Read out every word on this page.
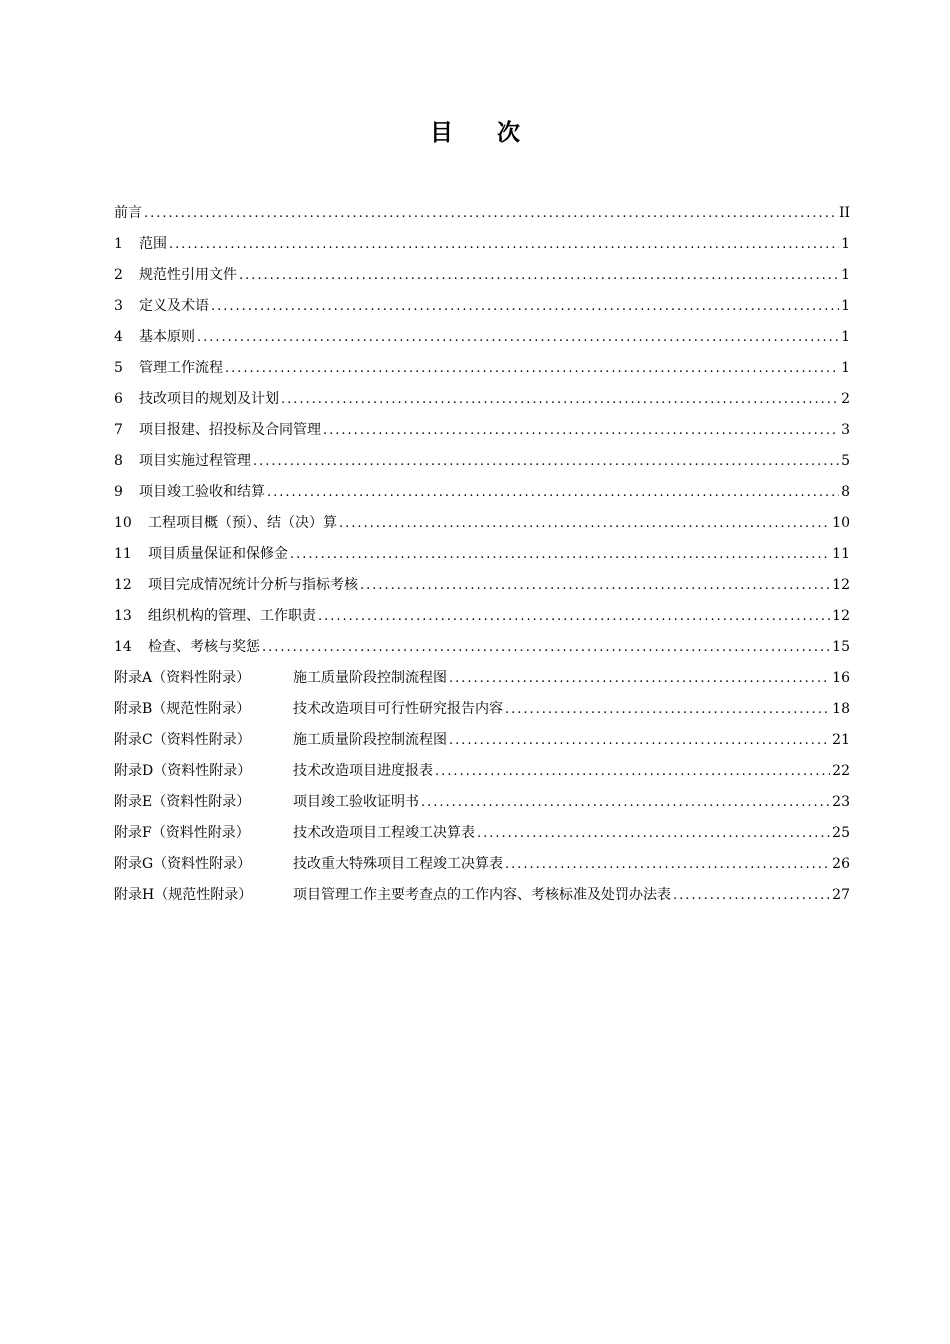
目 次
前言 .....	II
1	范围 .....	1
2	规范性引用文件 .....	1
3	定义及术语 .....	1
4	基本原则 .....	1
5	管理工作流程 .....	1
6	技改项目的规划及计划 .....	2
7	项目报建、招投标及合同管理 .....	3
8	项目实施过程管理 .....	5
9	项目竣工验收和结算 .....	8
10	工程项目概（预）、结（决）算 .....	10
11	项目质量保证和保修金 .....	11
12	项目完成情况统计分析与指标考核 .....	12
13	组织机构的管理、工作职责 .....	12
14	检查、考核与奖惩 .....	15
附录A（资料性附录）	施工质量阶段控制流程图 .....	16
附录B（规范性附录）	技术改造项目可行性研究报告内容 .....	18
附录C（资料性附录）	施工质量阶段控制流程图 .....	21
附录D（资料性附录）	技术改造项目进度报表 .....	22
附录E（资料性附录）	项目竣工验收证明书 .....	23
附录F（资料性附录）	技术改造项目工程竣工决算表 .....	25
附录G（资料性附录）	技改重大特殊项目工程竣工决算表 .....	26
附录H（规范性附录）	项目管理工作主要考查点的工作内容、考核标准及处罚办法表 .....	27
